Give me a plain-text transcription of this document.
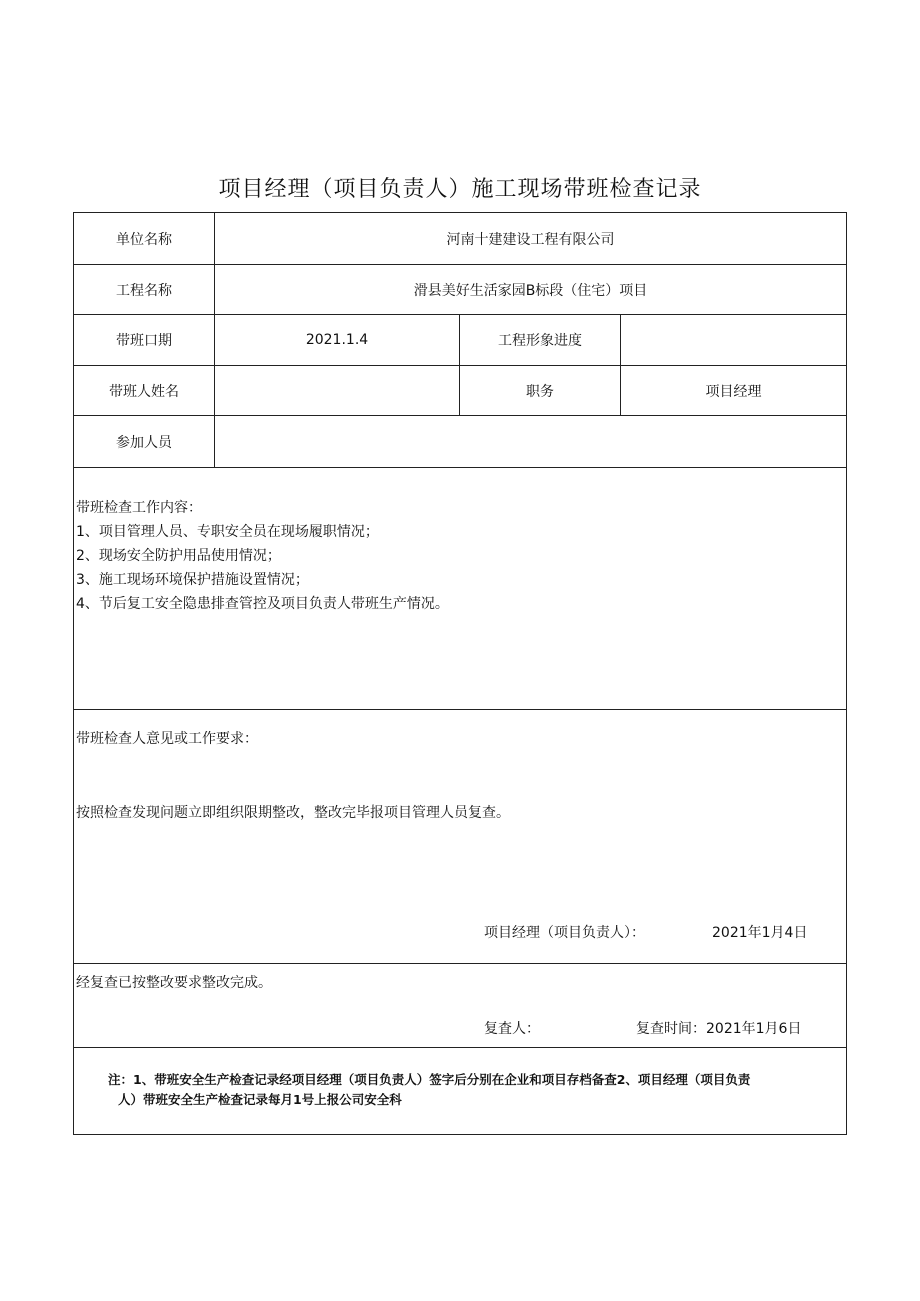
项目经理（项目负责人）施工现场带班检查记录
单位名称	河南十建建设工程有限公司		
工程名称	滑县美好生活家园B标段（住宅）项目		
带班口期	2021.1.4	工程形象进度	
带班人姓名		职务	项目经理
参加人员			

带班检查工作内容：
1、项目管理人员、专职安全员在现场履职情况；
2、现场安全防护用品使用情况；
3、施工现场环境保护措施设置情况；
4、节后复工安全隐患排查管控及项目负责人带班生产情况。			

带班检查人意见或工作要求：
按照检查发现问题立即组织限期整改，整改完毕报项目管理人员复查。
项目经理（项目负责人）： 2021年1月4日			

经复查已按整改要求整改完成。
复査人： 复查时间：2021年1月6日			

注：1、带班安全生产检查记录经项目经理（项目负责人）签字后分别在企业和项目存档备查2、项目经理（项目负责
人）带班安全生产检查记录每月1号上报公司安全科			
